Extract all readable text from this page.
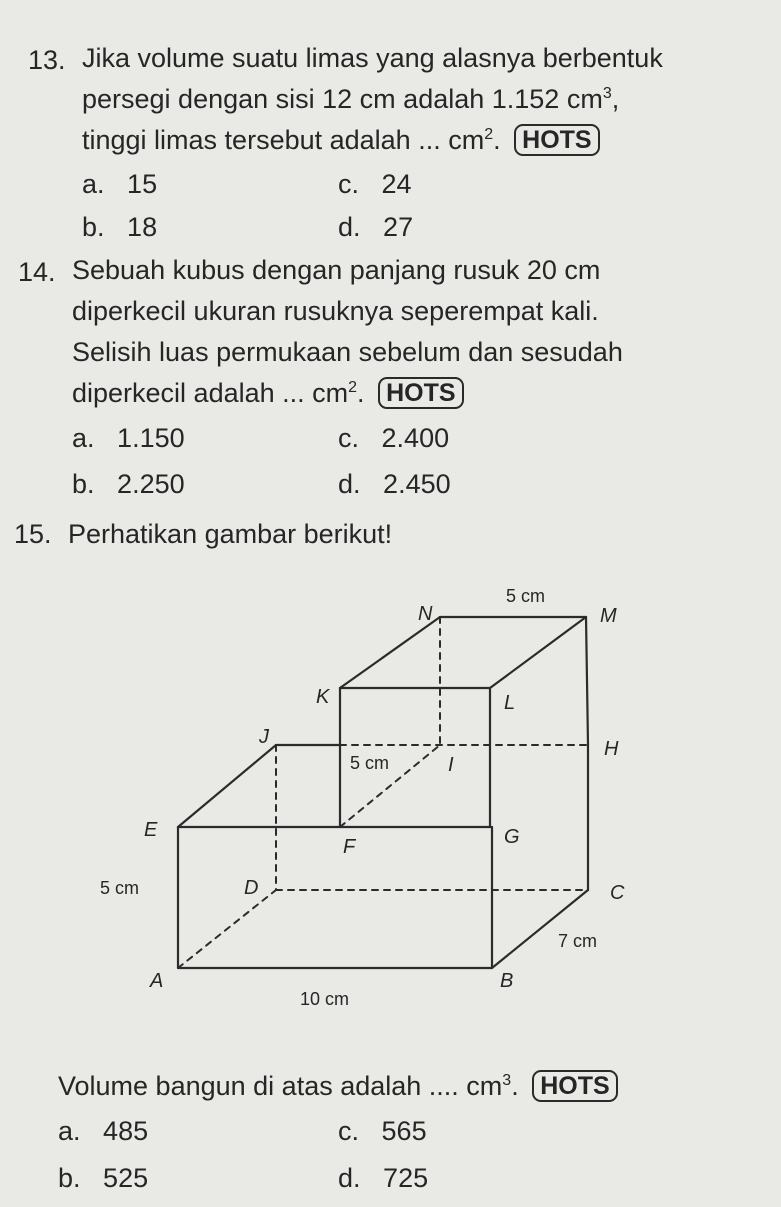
13. Jika volume suatu limas yang alasnya berbentuk
persegi dengan sisi 12 cm adalah 1.152 $cm^3$,
tinggi limas tersebut adalah ... $cm^2$. HOTS
a. 15	c. 24
b. 18	d. 27
14. Sebuah kubus dengan panjang rusuk 20 cm
diperkecil ukuran rusuknya seperempat kali.
Selisih luas permukaan sebelum dan sesudah
diperkecil adalah ... $cm^2$. HOTS
a. 1.150	c. 2.400
b. 2.250	d. 2.450
15. Perhatikan gambar berikut!
N	M
K	L
J
I
H
E
F	G
D	C
A	B
5 cm
5 cm
5 cm
7 cm
10 cm
Volume bangun di atas adalah .... $cm^3$. HOTS
a. 485	c. 565
b. 525	d. 725
